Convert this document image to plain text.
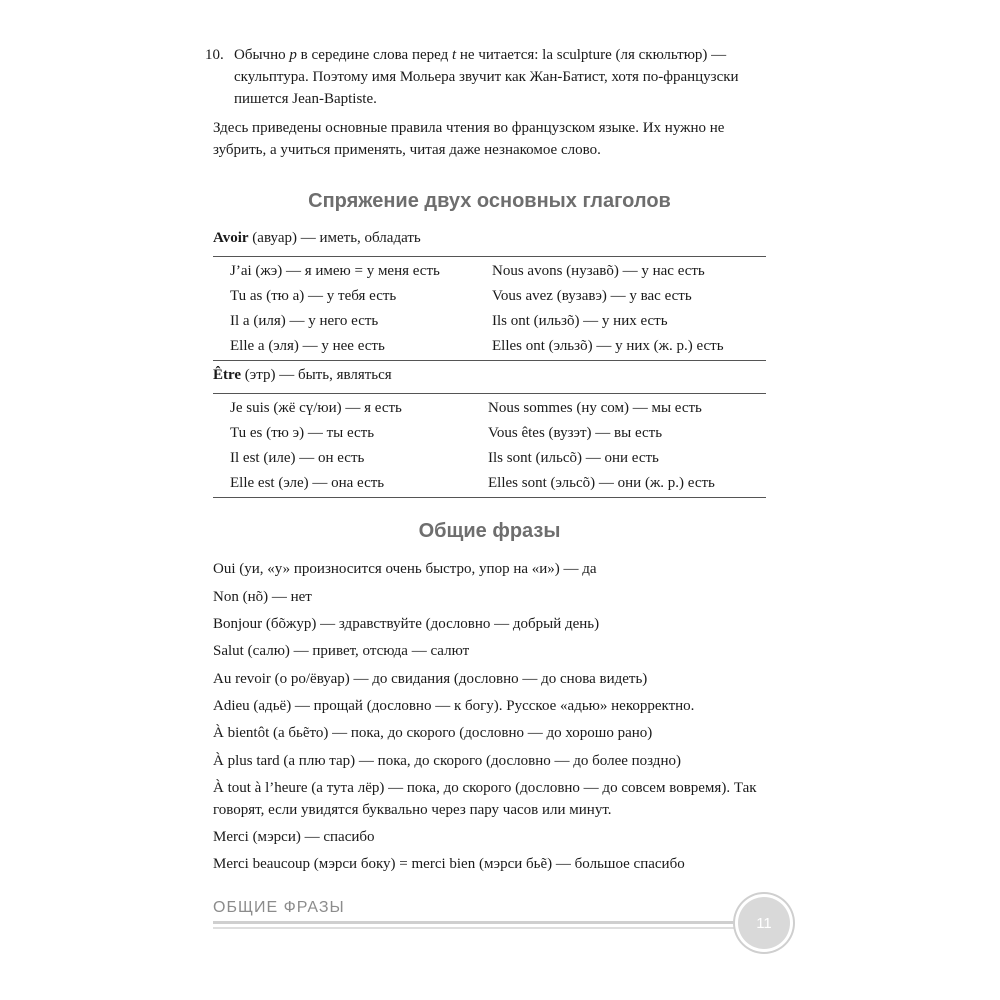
10. Обычно p в середине слова перед t не читается: la sculpture (ля скюльтюр) — скульптура. Поэтому имя Мольера звучит как Жан-Батист, хотя по-французски пишется Jean-Baptiste.
Здесь приведены основные правила чтения во французском языке. Их нужно не зубрить, а учиться применять, читая даже незнакомое слово.
Спряжение двух основных глаголов
Avoir (авуар) — иметь, обладать
J’ai (жэ) — я имею = у меня есть	Nous avons (нузавõ) — у нас есть
Tu as (тю а) — у тебя есть	Vous avez (вузавэ) — у вас есть
Il a (иля) — у него есть	Ils ont (ильзõ) — у них есть
Elle a (эля) — у нее есть	Elles ont (эльзõ) — у них (ж. р.) есть
Être (этр) — быть, являться
Je suis (жё сү/юи) — я есть	Nous sommes (ну сом) — мы есть
Tu es (тю э) — ты есть	Vous êtes (вузэт) — вы есть
Il est (иле) — он есть	Ils sont (ильсõ) — они есть
Elle est (эле) — она есть	Elles sont (эльсõ) — они (ж. р.) есть
Общие фразы
Oui (уи, «у» произносится очень быстро, упор на «и») — да
Non (нõ) — нет
Bonjour (бõжур) — здравствуйте (дословно — добрый день)
Salut (салю) — привет, отсюда — салют
Au revoir (о ро/ёвуар) — до свидания (дословно — до снова видеть)
Adieu (адьё) — прощай (дословно — к богу). Русское «адью» некорректно.
À bientôt (а бьẽто) — пока, до скорого (дословно — до хорошо рано)
À plus tard (а плю тар) — пока, до скорого (дословно — до более поздно)
À tout à l’heure (а тута лёр) — пока, до скорого (дословно — до совсем вовремя). Так говорят, если увидятся буквально через пару часов или минут.
Merci (мэрси) — спасибо
Merci beaucoup (мэрси боку) = merci bien (мэрси бьẽ) — большое спасибо
ОБЩИЕ ФРАЗЫ
11
